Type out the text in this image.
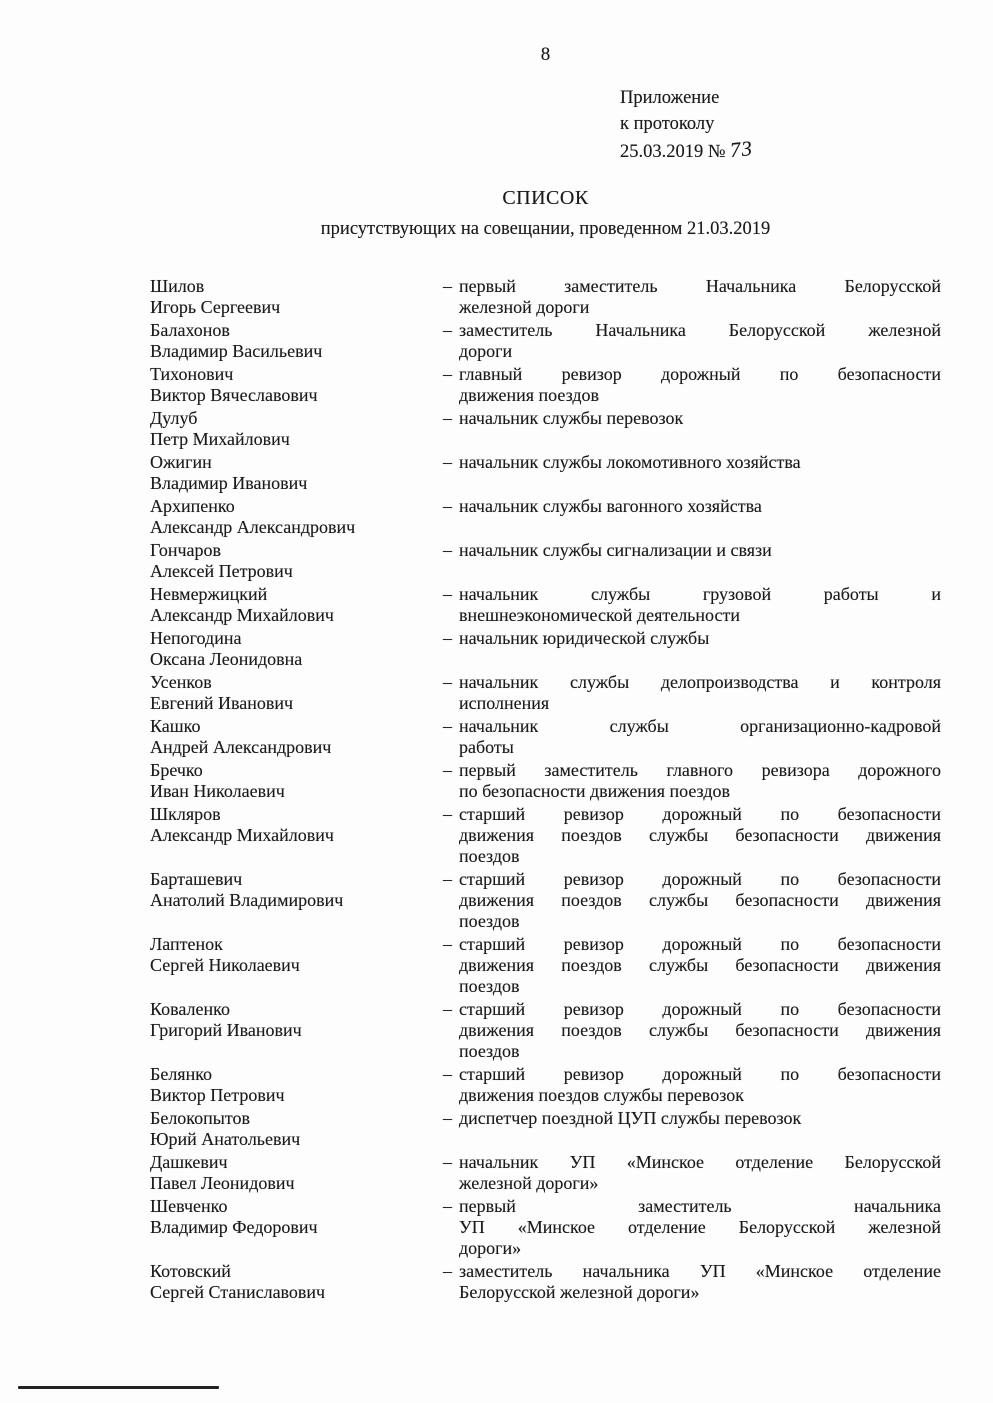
8
Приложение
к протоколу
25.03.2019 № 73
СПИСОК
присутствующих на совещании, проведенном 21.03.2019
Шилов
Игорь Сергеевич
– первый заместитель Начальника Белорусской
железной дороги
Балахонов
Владимир Васильевич
– заместитель Начальника Белорусской железной
дороги
Тихонович
Виктор Вячеславович
– главный ревизор дорожный по безопасности
движения поездов
Дулуб
Петр Михайлович
– начальник службы перевозок
Ожигин
Владимир Иванович
– начальник службы локомотивного хозяйства
Архипенко
Александр Александрович
– начальник службы вагонного хозяйства
Гончаров
Алексей Петрович
– начальник службы сигнализации и связи
Невмержицкий
Александр Михайлович
– начальник службы грузовой работы и
внешнеэкономической деятельности
Непогодина
Оксана Леонидовна
– начальник юридической службы
Усенков
Евгений Иванович
– начальник службы делопроизводства и контроля
исполнения
Кашко
Андрей Александрович
– начальник службы организационно-кадровой
работы
Бречко
Иван Николаевич
– первый заместитель главного ревизора дорожного
по безопасности движения поездов
Шкляров
Александр Михайлович
– старший ревизор дорожный по безопасности
движения поездов службы безопасности движения
поездов
Барташевич
Анатолий Владимирович
– старший ревизор дорожный по безопасности
движения поездов службы безопасности движения
поездов
Лаптенок
Сергей Николаевич
– старший ревизор дорожный по безопасности
движения поездов службы безопасности движения
поездов
Коваленко
Григорий Иванович
– старший ревизор дорожный по безопасности
движения поездов службы безопасности движения
поездов
Белянко
Виктор Петрович
– старший ревизор дорожный по безопасности
движения поездов службы перевозок
Белокопытов
Юрий Анатольевич
– диспетчер поездной ЦУП службы перевозок
Дашкевич
Павел Леонидович
– начальник УП «Минское отделение Белорусской
железной дороги»
Шевченко
Владимир Федорович
– первый заместитель начальника
УП «Минское отделение Белорусской железной
дороги»
Котовский
Сергей Станиславович
– заместитель начальника УП «Минское отделение
Белорусской железной дороги»
